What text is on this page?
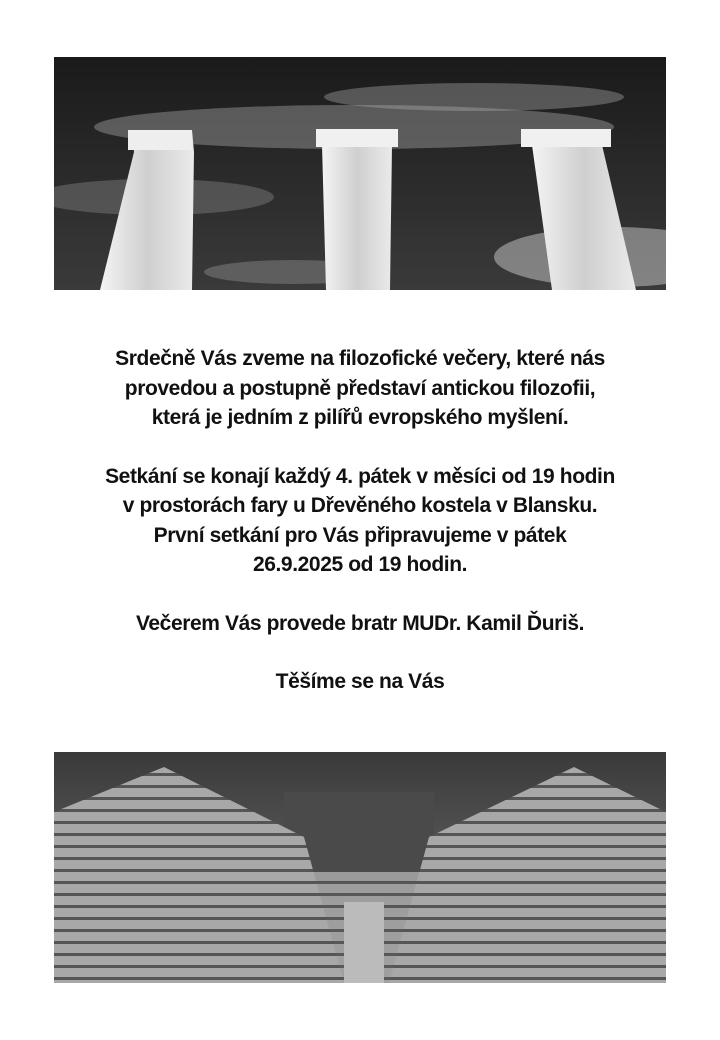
Srdečně Vás zveme na filozofické večery, které nás

provedou a postupně představí antickou filozofii,

která je jedním z pilířů evropského myšlení.

Setkání se konají každý 4. pátek v měsíci od 19 hodin

v prostorách fary u Dřevěného kostela v Blansku.

První setkání pro Vás připravujeme v pátek

26.9.2025 od 19 hodin.

Večerem Vás provede bratr MUDr. Kamil Ďuriš.

Těšíme se na Vás
